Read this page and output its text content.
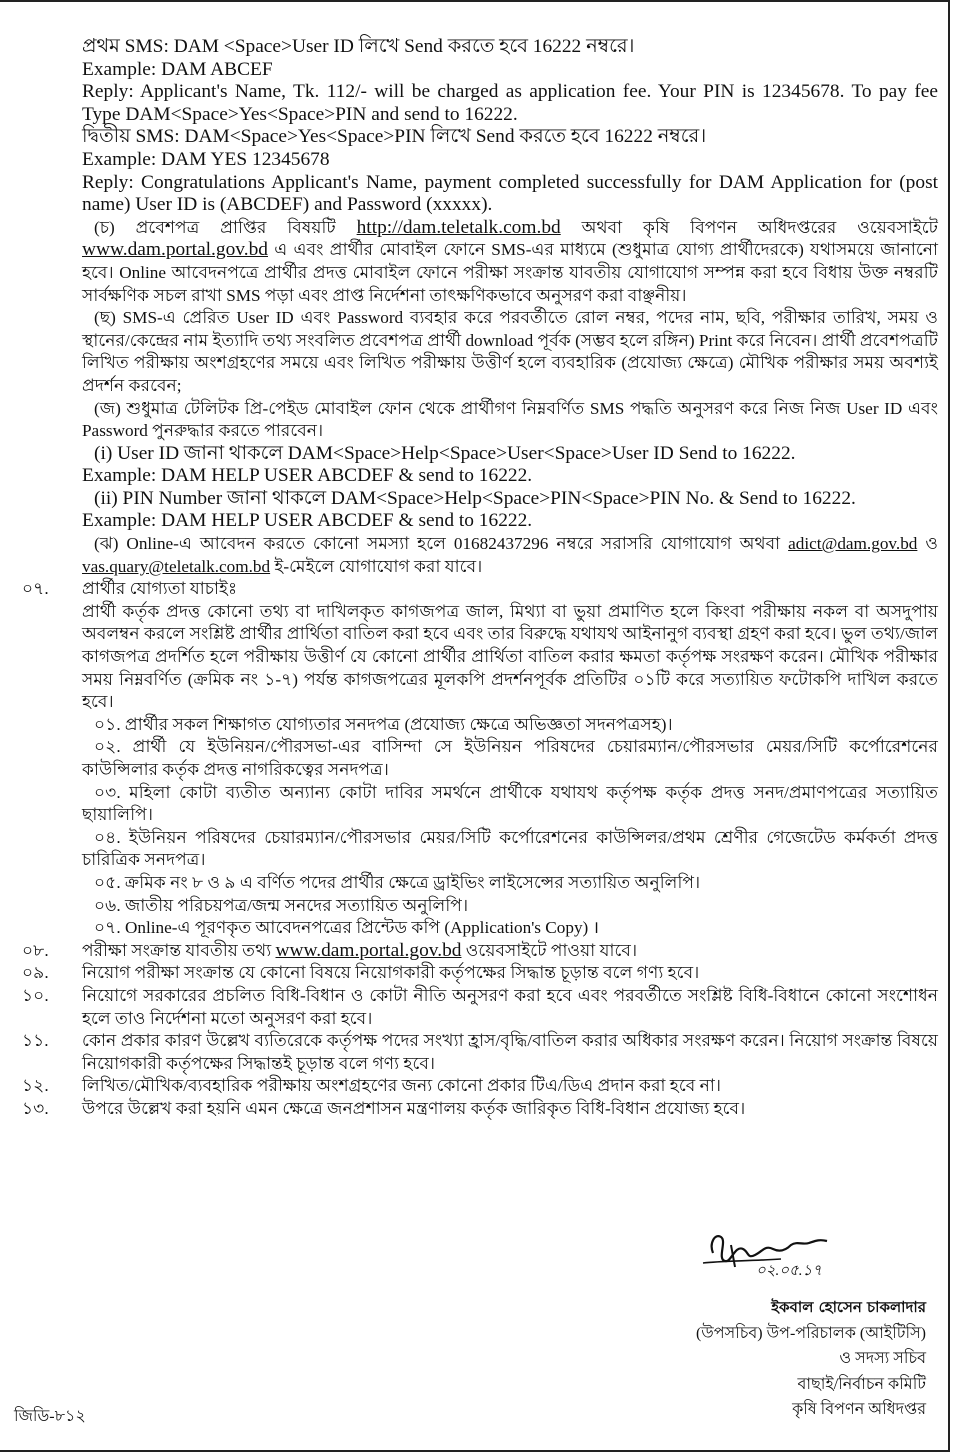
প্রথম SMS: DAM <Space>User ID লিখে Send করতে হবে 16222 নম্বরে।
Example: DAM ABCEF
Reply: Applicant's Name, Tk. 112/- will be charged as application fee. Your PIN is 12345678. To pay fee Type DAM<Space>Yes<Space>PIN and send to 16222.
দ্বিতীয় SMS: DAM<Space>Yes<Space>PIN লিখে Send করতে হবে 16222 নম্বরে।
Example: DAM YES 12345678
Reply: Congratulations Applicant's Name, payment completed successfully for DAM Application for (post name) User ID is (ABCDEF) and Password (xxxxx).
(চ) প্রবেশপত্র প্রাপ্তির বিষয়টি http://dam.teletalk.com.bd অথবা কৃষি বিপণন অধিদপ্তরের ওয়েবসাইটে www.dam.portal.gov.bd এ এবং প্রার্থীর মোবাইল ফোনে SMS-এর মাধ্যমে (শুধুমাত্র যোগ্য প্রার্থীদেরকে) যথাসময়ে জানানো হবে। Online আবেদনপত্রে প্রার্থীর প্রদত্ত মোবাইল ফোনে পরীক্ষা সংক্রান্ত যাবতীয় যোগাযোগ সম্পন্ন করা হবে বিধায় উক্ত নম্বরটি সার্বক্ষণিক সচল রাখা SMS পড়া এবং প্রাপ্ত নির্দেশনা তাৎক্ষণিকভাবে অনুসরণ করা বাঞ্ছনীয়।
(ছ) SMS-এ প্রেরিত User ID এবং Password ব্যবহার করে পরবর্তীতে রোল নম্বর, পদের নাম, ছবি, পরীক্ষার তারিখ, সময় ও স্থানের/কেন্দ্রের নাম ইত্যাদি তথ্য সংবলিত প্রবেশপত্র প্রার্থী download পূর্বক (সম্ভব হলে রঙ্গিন) Print করে নিবেন। প্রার্থী প্রবেশপত্রটি লিখিত পরীক্ষায় অংশগ্রহণের সময়ে এবং লিখিত পরীক্ষায় উত্তীর্ণ হলে ব্যবহারিক (প্রযোজ্য ক্ষেত্রে) মৌখিক পরীক্ষার সময় অবশ্যই প্রদর্শন করবেন;
(জ) শুধুমাত্র টেলিটক প্রি-পেইড মোবাইল ফোন থেকে প্রার্থীগণ নিম্নবর্ণিত SMS পদ্ধতি অনুসরণ করে নিজ নিজ User ID এবং Password পুনরুদ্ধার করতে পারবেন।
(i) User ID জানা থাকলে DAM<Space>Help<Space>User<Space>User ID Send to 16222.
Example: DAM HELP USER ABCDEF & send to 16222.
(ii) PIN Number জানা থাকলে DAM<Space>Help<Space>PIN<Space>PIN No. & Send to 16222.
Example: DAM HELP USER ABCDEF & send to 16222.
(ঝ) Online-এ আবেদন করতে কোনো সমস্যা হলে 01682437296 নম্বরে সরাসরি যোগাযোগ অথবা adict@dam.gov.bd ও vas.quary@teletalk.com.bd ই-মেইলে যোগাযোগ করা যাবে।
০৭. প্রার্থীর যোগ্যতা যাচাইঃ
প্রার্থী কর্তৃক প্রদত্ত কোনো তথ্য বা দাখিলকৃত কাগজপত্র জাল, মিথ্যা বা ভুয়া প্রমাণিত হলে কিংবা পরীক্ষায় নকল বা অসদুপায় অবলম্বন করলে সংশ্লিষ্ট প্রার্থীর প্রার্থিতা বাতিল করা হবে এবং তার বিরুদ্ধে যথাযথ আইনানুগ ব্যবস্থা গ্রহণ করা হবে। ভুল তথ্য/জাল কাগজপত্র প্রদর্শিত হলে পরীক্ষায় উত্তীর্ণ যে কোনো প্রার্থীর প্রার্থিতা বাতিল করার ক্ষমতা কর্তৃপক্ষ সংরক্ষণ করেন। মৌখিক পরীক্ষার সময় নিম্নবর্ণিত (ক্রমিক নং ১-৭) পর্যন্ত কাগজপত্রের মূলকপি প্রদর্শনপূর্বক প্রতিটির ০১টি করে সত্যায়িত ফটোকপি দাখিল করতে হবে।
০১. প্রার্থীর সকল শিক্ষাগত যোগ্যতার সনদপত্র (প্রযোজ্য ক্ষেত্রে অভিজ্ঞতা সদনপত্রসহ)।
০২. প্রার্থী যে ইউনিয়ন/পৌরসভা-এর বাসিন্দা সে ইউনিয়ন পরিষদের চেয়ারম্যান/পৌরসভার মেয়র/সিটি কর্পোরেশনের কাউন্সিলার কর্তৃক প্রদত্ত নাগরিকত্বের সনদপত্র।
০৩. মহিলা কোটা ব্যতীত অন্যান্য কোটা দাবির সমর্থনে প্রার্থীকে যথাযথ কর্তৃপক্ষ কর্তৃক প্রদত্ত সনদ/প্রমাণপত্রের সত্যায়িত ছায়ালিপি।
০৪. ইউনিয়ন পরিষদের চেয়ারম্যান/পৌরসভার মেয়র/সিটি কর্পোরেশনের কাউন্সিলর/প্রথম শ্রেণীর গেজেটেড কর্মকর্তা প্রদত্ত চারিত্রিক সনদপত্র।
০৫. ক্রমিক নং ৮ ও ৯ এ বর্ণিত পদের প্রার্থীর ক্ষেত্রে ড্রাইভিং লাইসেন্সের সত্যায়িত অনুলিপি।
০৬. জাতীয় পরিচয়পত্র/জন্ম সনদের সত্যায়িত অনুলিপি।
০৭. Online-এ পূরণকৃত আবেদনপত্রের প্রিন্টেড কপি (Application's Copy) ।
০৮. পরীক্ষা সংক্রান্ত যাবতীয় তথ্য www.dam.portal.gov.bd ওয়েবসাইটে পাওয়া যাবে।
০৯. নিয়োগ পরীক্ষা সংক্রান্ত যে কোনো বিষয়ে নিয়োগকারী কর্তৃপক্ষের সিদ্ধান্ত চূড়ান্ত বলে গণ্য হবে।
১০. নিয়োগে সরকারের প্রচলিত বিধি-বিধান ও কোটা নীতি অনুসরণ করা হবে এবং পরবর্তীতে সংশ্লিষ্ট বিধি-বিধানে কোনো সংশোধন হলে তাও নির্দেশনা মতো অনুসরণ করা হবে।
১১. কোন প্রকার কারণ উল্লেখ ব্যতিরেকে কর্তৃপক্ষ পদের সংখ্যা হ্রাস/বৃদ্ধি/বাতিল করার অধিকার সংরক্ষণ করেন। নিয়োগ সংক্রান্ত বিষয়ে নিয়োগকারী কর্তৃপক্ষের সিদ্ধান্তই চূড়ান্ত বলে গণ্য হবে।
১২. লিখিত/মৌখিক/ব্যবহারিক পরীক্ষায় অংশগ্রহণের জন্য কোনো প্রকার টিএ/ডিএ প্রদান করা হবে না।
১৩. উপরে উল্লেখ করা হয়নি এমন ক্ষেত্রে জনপ্রশাসন মন্ত্রণালয় কর্তৃক জারিকৃত বিধি-বিধান প্রযোজ্য হবে।
০২.০৫.১৭
ইকবাল হোসেন চাকলাদার
(উপসচিব) উপ-পরিচালক (আইটিসি)
ও সদস্য সচিব
বাছাই/নির্বাচন কমিটি
কৃষি বিপণন অধিদপ্তর
জিডি-৮১২
